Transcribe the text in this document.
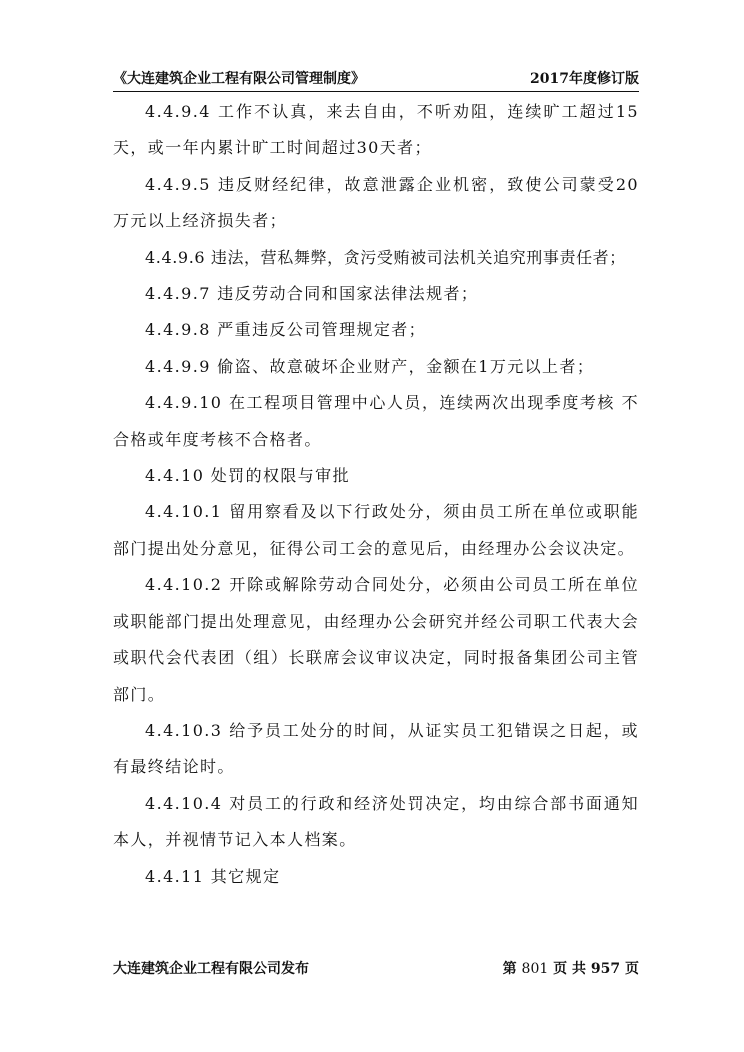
《大连建筑企业工程有限公司管理制度》	2017年度修订版

4.4.9.4 工作不认真，来去自由，不听劝阻，连续旷工超过15天，或一年内累计旷工时间超过30天者；

4.4.9.5 违反财经纪律，故意泄露企业机密，致使公司蒙受20万元以上经济损失者；

4.4.9.6 违法，营私舞弊，贪污受贿被司法机关追究刑事责任者；

4.4.9.7 违反劳动合同和国家法律法规者；

4.4.9.8 严重违反公司管理规定者；

4.4.9.9 偷盗、故意破坏企业财产，金额在1万元以上者；

4.4.9.10 在工程项目管理中心人员，连续两次出现季度考核 不合格或年度考核不合格者。

4.4.10 处罚的权限与审批

4.4.10.1 留用察看及以下行政处分，须由员工所在单位或职能部门提出处分意见，征得公司工会的意见后，由经理办公会议决定。

4.4.10.2 开除或解除劳动合同处分，必须由公司员工所在单位或职能部门提出处理意见，由经理办公会研究并经公司职工代表大会或职代会代表团（组）长联席会议审议决定，同时报备集团公司主管部门。

4.4.10.3 给予员工处分的时间，从证实员工犯错误之日起，或有最终结论时。

4.4.10.4 对员工的行政和经济处罚决定，均由综合部书面通知本人，并视情节记入本人档案。

4.4.11 其它规定

大连建筑企业工程有限公司发布	第 801 页 共 957 页
